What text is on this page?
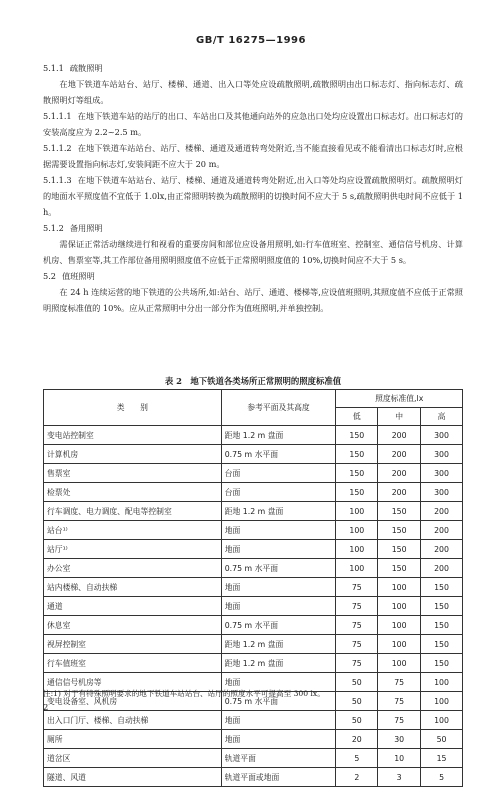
GB/T 16275—1996
5.1.1 疏散照明
在地下铁道车站站台、站厅、楼梯、通道、出入口等处应设疏散照明,疏散照明由出口标志灯、指向标志灯、疏散照明灯等组成。
5.1.1.1 在地下铁道车站的站厅的出口、车站出口及其他通向站外的应急出口处均应设置出口标志灯。出口标志灯的安装高度应为 2.2~2.5 m。
5.1.1.2 在地下铁道车站站台、站厅、楼梯、通道及通道转弯处附近,当不能直接看见或不能看清出口标志灯时,应根据需要设置指向标志灯,安装间距不应大于 20 m。
5.1.1.3 在地下铁道车站站台、站厅、楼梯、通道及通道转弯处附近,出入口等处均应设置疏散照明灯。疏散照明灯的地面水平照度值不宜低于 1.0lx,由正常照明转换为疏散照明的切换时间不应大于 5 s,疏散照明供电时间不应低于 1 h。
5.1.2 备用照明
需保证正常活动继续进行和视看的重要房间和部位应设备用照明,如:行车值班室、控制室、通信信号机房、计算机房、售票室等,其工作部位备用照明照度值不应低于正常照明照度值的 10%,切换时间应不大于 5 s。
5.2 值班照明
在 24 h 连续运营的地下铁道的公共场所,如:站台、站厅、通道、楼梯等,应设值班照明,其照度值不应低于正常照明照度标准值的 10%。应从正常照明中分出一部分作为值班照明,并单独控制。
表 2　地下铁道各类场所正常照明的照度标准值
类　　别	参考平面及其高度	照度标准值,lx		
		低	中	高
变电站控制室	距地 1.2 m 盘面	150	200	300
计算机房	0.75 m 水平面	150	200	300
售票室	台面	150	200	300
检票处	台面	150	200	300
行车调度、电力调度、配电等控制室	距地 1.2 m 盘面	100	150	200
站台¹⁾	地面	100	150	200
站厅¹⁾	地面	100	150	200
办公室	0.75 m 水平面	100	150	200
站内楼梯、自动扶梯	地面	75	100	150
通道	地面	75	100	150
休息室	0.75 m 水平面	75	100	150
视屏控制室	距地 1.2 m 盘面	75	100	150
行车值班室	距地 1.2 m 盘面	75	100	150
通信信号机房等	地面	50	75	100
变电设备室、风机房	0.75 m 水平面	50	75	100
出入口门厅、楼梯、自动扶梯	地面	50	75	100
厕所	地面	20	30	50
道岔区	轨道平面	5	10	15
隧道、风道	轨道平面或地面	2	3	5
注:1) 对于有特殊照明要求的地下铁道车站站台、站厅的照度水平可提高至 300 lx。
2
